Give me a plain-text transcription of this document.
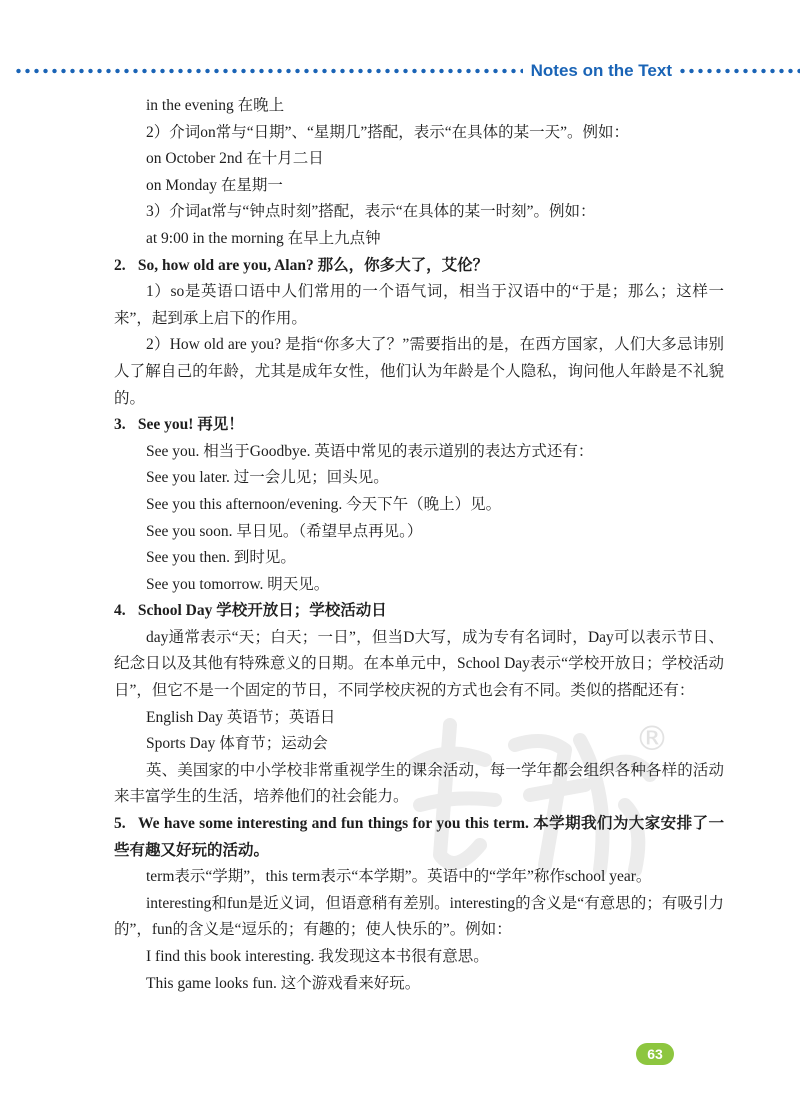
Notes on the Text
®

in the evening 在晚上

2）介词on常与“日期”、“星期几”搭配，表示“在具体的某一天”。例如：

on October 2nd 在十月二日

on Monday 在星期一

3）介词at常与“钟点时刻”搭配，表示“在具体的某一时刻”。例如：

at 9:00 in the morning 在早上九点钟

2. So, how old are you, Alan? 那么，你多大了，艾伦？

1）so是英语口语中人们常用的一个语气词，相当于汉语中的“于是；那么；这样一来”，起到承上启下的作用。

2）How old are you? 是指“你多大了？”需要指出的是，在西方国家，人们大多忌讳别人了解自己的年龄，尤其是成年女性，他们认为年龄是个人隐私，询问他人年龄是不礼貌的。

3. See you! 再见！

See you. 相当于Goodbye. 英语中常见的表示道别的表达方式还有：

See you later. 过一会儿见；回头见。

See you this afternoon/evening. 今天下午（晚上）见。

See you soon. 早日见。（希望早点再见。）

See you then. 到时见。

See you tomorrow. 明天见。

4. School Day 学校开放日；学校活动日

day通常表示“天；白天；一日”，但当D大写，成为专有名词时，Day可以表示节日、纪念日以及其他有特殊意义的日期。在本单元中，School Day表示“学校开放日；学校活动日”，但它不是一个固定的节日，不同学校庆祝的方式也会有不同。类似的搭配还有：

English Day 英语节；英语日

Sports Day 体育节；运动会

英、美国家的中小学校非常重视学生的课余活动，每一学年都会组织各种各样的活动来丰富学生的生活，培养他们的社会能力。

5. We have some interesting and fun things for you this term. 本学期我们为大家安排了一些有趣又好玩的活动。

term表示“学期”，this term表示“本学期”。英语中的“学年”称作school year。

interesting和fun是近义词，但语意稍有差别。interesting的含义是“有意思的；有吸引力的”，fun的含义是“逗乐的；有趣的；使人快乐的”。例如：

I find this book interesting. 我发现这本书很有意思。

This game looks fun. 这个游戏看来好玩。

63
